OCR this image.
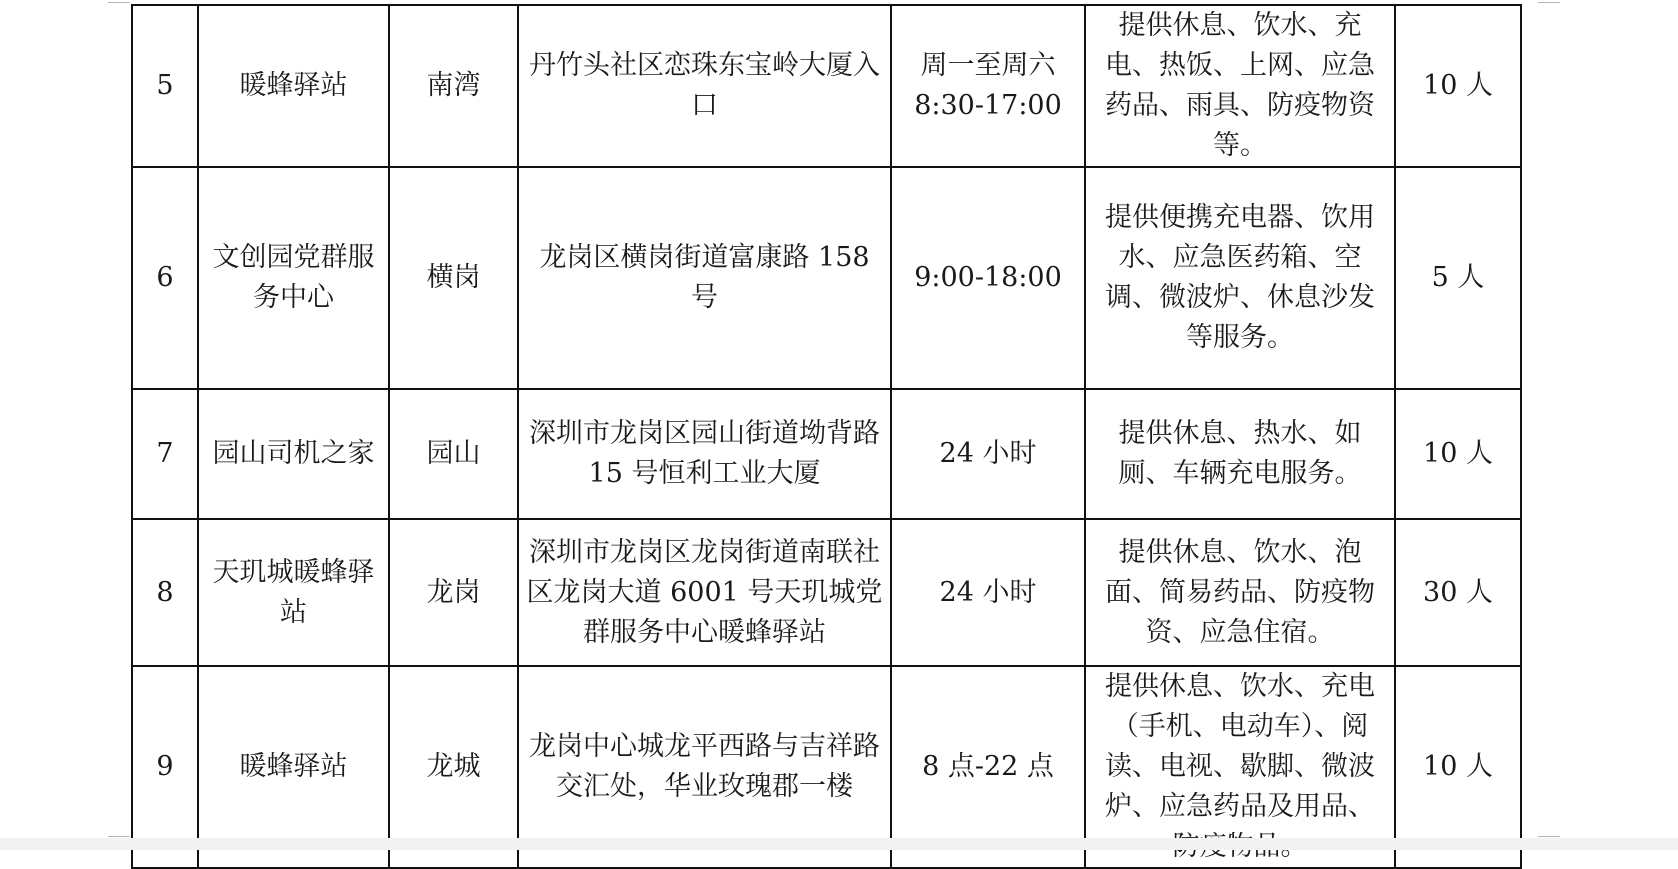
5	暖蜂驿站	南湾	丹竹头社区恋珠东宝岭大厦入口	周一至周六8:30-17:00	提供休息、饮水、充电、热饭、上网、应急药品、雨具、防疫物资等。	10 人
6	文创园党群服务中心	横岗	龙岗区横岗街道富康路 158 号	9:00-18:00	提供便携充电器、饮用水、应急医药箱、空调、微波炉、休息沙发等服务。	5 人
7	园山司机之家	园山	深圳市龙岗区园山街道坳背路 15 号恒利工业大厦	24 小时	提供休息、热水、如厕、车辆充电服务。	10 人
8	天玑城暖蜂驿站	龙岗	深圳市龙岗区龙岗街道南联社区龙岗大道 6001 号天玑城党群服务中心暖蜂驿站	24 小时	提供休息、饮水、泡面、简易药品、防疫物资、应急住宿。	30 人
9	暖蜂驿站	龙城	龙岗中心城龙平西路与吉祥路交汇处，华业玫瑰郡一楼	8 点-22 点	提供休息、饮水、充电（手机、电动车）、阅读、电视、歇脚、微波炉、应急药品及用品、	10 人
